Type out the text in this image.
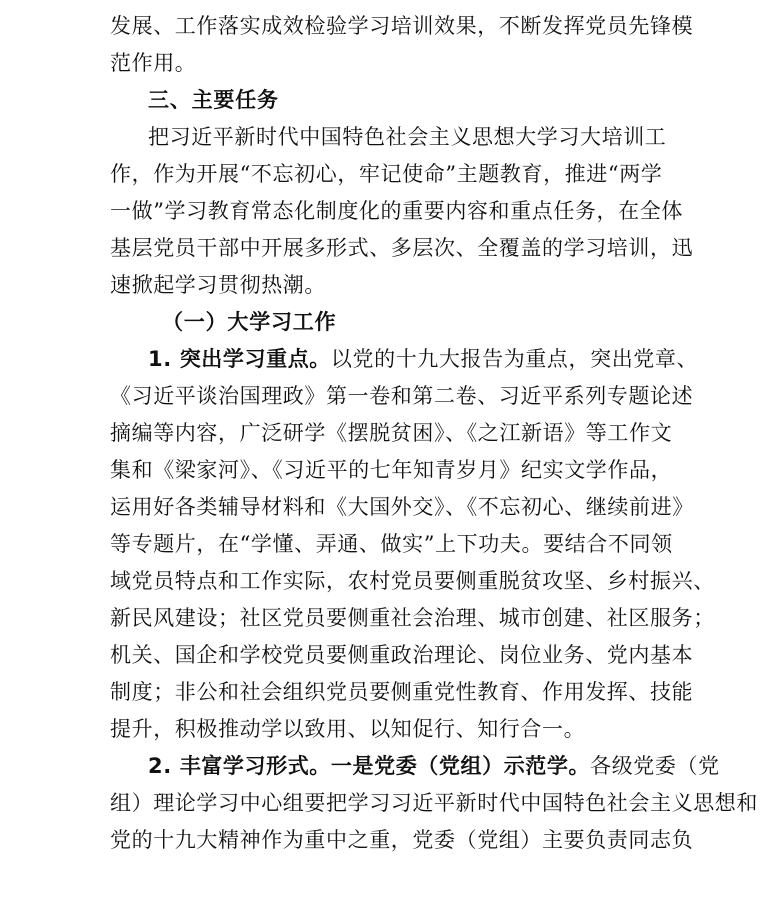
发展、工作落实成效检验学习培训效果，不断发挥党员先锋模
范作用。
三、主要任务
把习近平新时代中国特色社会主义思想大学习大培训工
作，作为开展“不忘初心，牢记使命”主题教育，推进“两学
一做”学习教育常态化制度化的重要内容和重点任务，在全体
基层党员干部中开展多形式、多层次、全覆盖的学习培训，迅
速掀起学习贯彻热潮。
（一）大学习工作
1. 突出学习重点。以党的十九大报告为重点，突出党章、
《习近平谈治国理政》第一卷和第二卷、习近平系列专题论述
摘编等内容，广泛研学《摆脱贫困》、《之江新语》等工作文
集和《梁家河》、《习近平的七年知青岁月》纪实文学作品，
运用好各类辅导材料和《大国外交》、《不忘初心、继续前进》
等专题片，在“学懂、弄通、做实”上下功夫。要结合不同领
域党员特点和工作实际，农村党员要侧重脱贫攻坚、乡村振兴、
新民风建设；社区党员要侧重社会治理、城市创建、社区服务；
机关、国企和学校党员要侧重政治理论、岗位业务、党内基本
制度；非公和社会组织党员要侧重党性教育、作用发挥、技能
提升，积极推动学以致用、以知促行、知行合一。
2. 丰富学习形式。一是党委（党组）示范学。各级党委（党
组）理论学习中心组要把学习习近平新时代中国特色社会主义思想和
党的十九大精神作为重中之重，党委（党组）主要负责同志负
